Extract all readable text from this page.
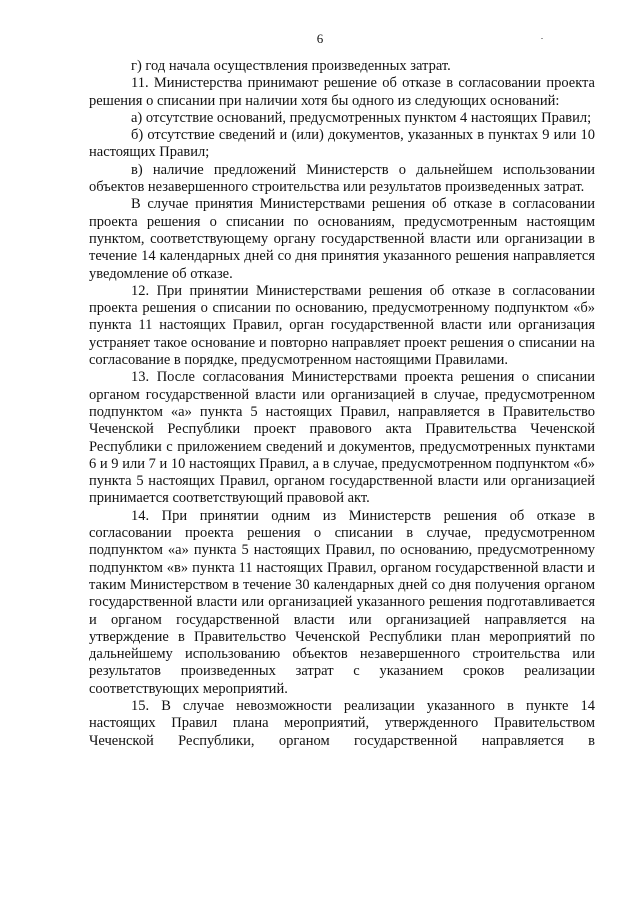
6

г) год начала осуществления произведенных затрат.

11. Министерства принимают решение об отказе в согласовании проекта решения о списании при наличии хотя бы одного из следующих оснований:

а) отсутствие оснований, предусмотренных пунктом 4 настоящих Правил;

б) отсутствие сведений и (или) документов, указанных в пунктах 9 или 10 настоящих Правил;

в) наличие предложений Министерств о дальнейшем использовании объектов незавершенного строительства или результатов произведенных затрат.

В случае принятия Министерствами решения об отказе в согласовании проекта решения о списании по основаниям, предусмотренным настоящим пунктом, соответствующему органу государственной власти или организации в течение 14 календарных дней со дня принятия указанного решения направляется уведомление об отказе.

12. При принятии Министерствами решения об отказе в согласовании проекта решения о списании по основанию, предусмотренному подпунктом «б» пункта 11 настоящих Правил, орган государственной власти или организация устраняет такое основание и повторно направляет проект решения о списании на согласование в порядке, предусмотренном настоящими Правилами.

13. После согласования Министерствами проекта решения о списании органом государственной власти или организацией в случае, предусмотренном подпунктом «а» пункта 5 настоящих Правил, направляется в Правительство Чеченской Республики проект правового акта Правительства Чеченской Республики с приложением сведений и документов, предусмотренных пунктами 6 и 9 или 7 и 10 настоящих Правил, а в случае, предусмотренном подпунктом «б» пункта 5 настоящих Правил, органом государственной власти или организацией принимается соответствующий правовой акт.

14. При принятии одним из Министерств решения об отказе в согласовании проекта решения о списании в случае, предусмотренном подпунктом «а» пункта 5 настоящих Правил, по основанию, предусмотренному подпунктом «в» пункта 11 настоящих Правил, органом государственной власти и таким Министерством в течение 30 календарных дней со дня получения органом государственной власти или организацией указанного решения подготавливается и органом государственной власти или организацией направляется на утверждение в Правительство Чеченской Республики план мероприятий по дальнейшему использованию объектов незавершенного строительства или результатов произведенных затрат с указанием сроков реализации соответствующих мероприятий.

15. В случае невозможности реализации указанного в пункте 14 настоящих Правил плана мероприятий, утвержденного Правительством Чеченской Республики, органом государственной направляется в
